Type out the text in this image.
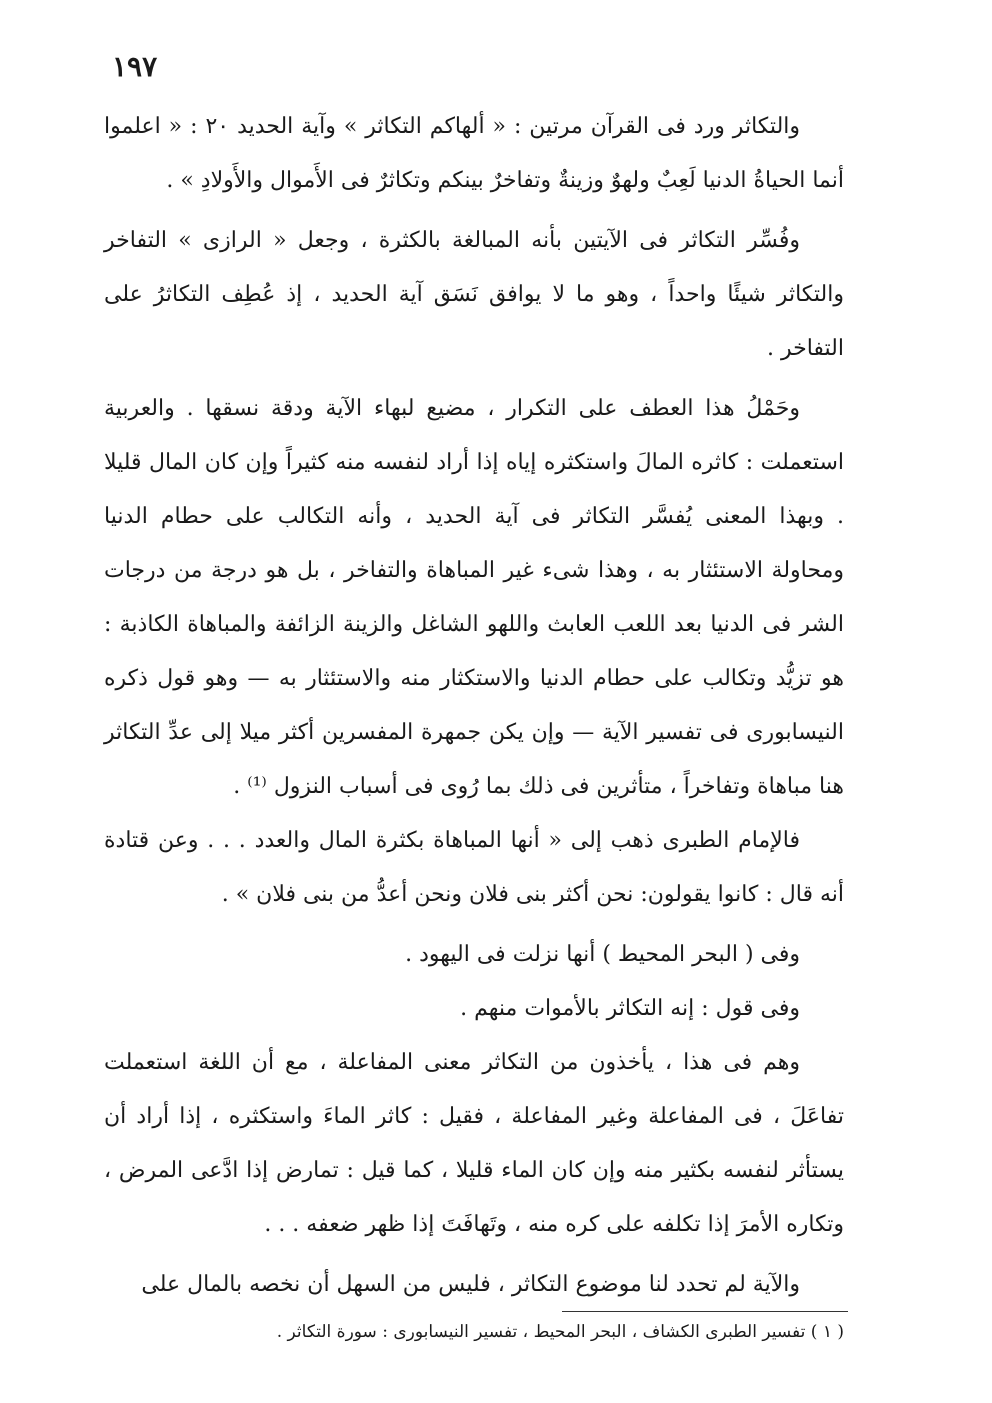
١٩٧

والتكاثر ورد فى القرآن مرتين : « ألهاكم التكاثر » وآية الحديد ٢٠ : « اعلموا أنما الحياةُ الدنيا لَعِبٌ ولهوٌ وزينةٌ وتفاخرٌ بينكم وتكاثرٌ فى الأَموال والأَولادِ » .

وفُسِّر التكاثر فى الآيتين بأنه المبالغة بالكثرة ، وجعل « الرازى » التفاخر والتكاثر شيئًا واحداً ، وهو ما لا يوافق نَسَق آية الحديد ، إذ عُطِف التكاثرُ على التفاخر .

وحَمْلُ هذا العطف على التكرار ، مضيع لبهاء الآية ودقة نسقها . والعربية استعملت : كاثره المالَ واستكثره إياه إذا أراد لنفسه منه كثيراً وإن كان المال قليلا . وبهذا المعنى يُفسَّر التكاثر فى آية الحديد ، وأنه التكالب على حطام الدنيا ومحاولة الاستئثار به ، وهذا شىء غير المباهاة والتفاخر ، بل هو درجة من درجات الشر فى الدنيا بعد اللعب العابث واللهو الشاغل والزينة الزائفة والمباهاة الكاذبة : هو تزيُّد وتكالب على حطام الدنيا والاستكثار منه والاستئثار به — وهو قول ذكره النيسابورى فى تفسير الآية — وإن يكن جمهرة المفسرين أكثر ميلا إلى عدِّ التكاثر هنا مباهاة وتفاخراً ، متأثرين فى ذلك بما رُوى فى أسباب النزول ⁽¹⁾ .

فالإمام الطبرى ذهب إلى « أنها المباهاة بكثرة المال والعدد . . . وعن قتادة أنه قال : كانوا يقولون: نحن أكثر بنى فلان ونحن أعدُّ من بنى فلان » .

وفى ( البحر المحيط ) أنها نزلت فى اليهود .

وفى قول : إنه التكاثر بالأموات منهم .

وهم فى هذا ، يأخذون من التكاثر معنى المفاعلة ، مع أن اللغة استعملت تفاعَلَ ، فى المفاعلة وغير المفاعلة ، فقيل : كاثر الماءَ واستكثره ، إذا أراد أن يستأثر لنفسه بكثير منه وإن كان الماء قليلا ، كما قيل : تمارض إذا ادَّعى المرض ، وتكاره الأمرَ إذا تكلفه على كره منه ، وتَهافَتَ إذا ظهر ضعفه . . .

والآية لم تحدد لنا موضوع التكاثر ، فليس من السهل أن نخصه بالمال على

( ١ ) تفسير الطبرى الكشاف ، البحر المحيط ، تفسير النيسابورى : سورة التكاثر .
